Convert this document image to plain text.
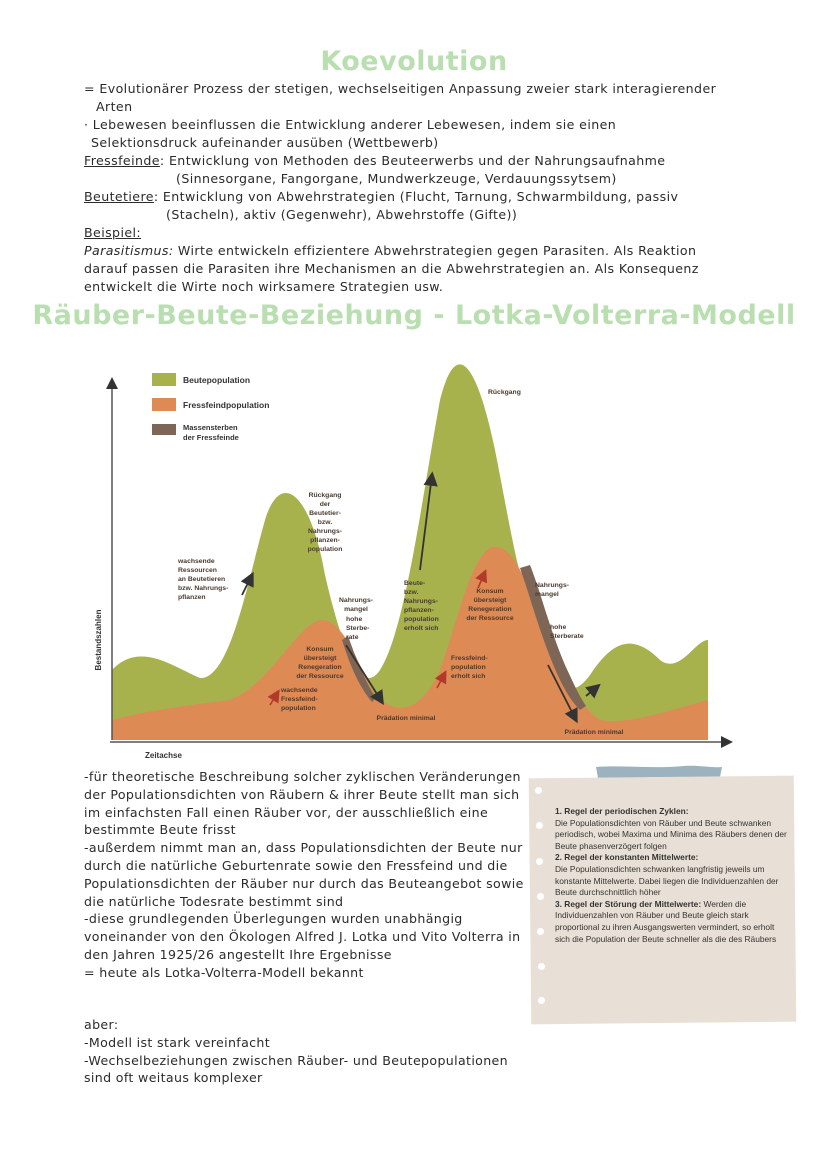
Koevolution
= Evolutionärer Prozess der stetigen, wechselseitigen Anpassung zweier stark interagierender
Arten
· Lebewesen beeinflussen die Entwicklung anderer Lebewesen, indem sie einen
Selektionsdruck aufeinander ausüben (Wettbewerb)
Fressfeinde: Entwicklung von Methoden des Beuteerwerbs und der Nahrungsaufnahme
(Sinnesorgane, Fangorgane, Mundwerkzeuge, Verdauungssytsem)
Beutetiere: Entwicklung von Abwehrstrategien (Flucht, Tarnung, Schwarmbildung, passiv
(Stacheln), aktiv (Gegenwehr), Abwehrstoffe (Gifte))
Beispiel:
Parasitismus: Wirte entwickeln effizientere Abwehrstrategien gegen Parasiten. Als Reaktion
darauf passen die Parasiten ihre Mechanismen an die Abwehrstrategien an. Als Konsequenz
entwickelt die Wirte noch wirksamere Strategien usw.
Räuber-Beute-Beziehung - Lotka-Volterra-Modell
Bestandszahlen
Zeitachse
Beutepopulation
Fressfeindpopulation
Massensterben der Fressfeinde
Rückgang der Beutetier-bzw. Nahrungs-pflanzen-population
wachsende Ressourcen an Beutetieren bzw. Nahrungs-pflanzen	Nahrungs-mangel
hohe Sterbe-rate
Konsum übersteigt Renegeration der Ressource
wachsende Fressfeind-population
Prädation minimal
Beute-bzw. Nahrungs-pflanzen-population erholt sich
Konsum übersteigt Renegeration der Ressource
Fressfeind-population erholt sich
Rückgang
Nahrungs-mangel
hohe Sterberate
Prädation minimal

-für theoretische Beschreibung solcher zyklischen Veränderungen der Populationsdichten von Räubern & ihrer Beute stellt man sich im einfachsten Fall einen Räuber vor, der ausschließlich eine bestimmte Beute frisst

-außerdem nimmt man an, dass Populationsdichten der Beute nur durch die natürliche Geburtenrate sowie den Fressfeind und die Populationsdichten der Räuber nur durch das Beuteangebot sowie die natürliche Todesrate bestimmt sind

-diese grundlegenden Überlegungen wurden unabhängig voneinander von den Ökologen Alfred J. Lotka und Vito Volterra in den Jahren 1925/26 angestellt Ihre Ergebnisse

= heute als Lotka-Volterra-Modell bekannt

aber:

-Modell ist stark vereinfacht

-Wechselbeziehungen zwischen Räuber- und Beutepopulationen sind oft weitaus komplexer

1. Regel der periodischen Zyklen:
Die Populationsdichten von Räuber und Beute schwanken periodisch, wobei Maxima und Minima des Räubers denen der Beute phasenverzögert folgen

2. Regel der konstanten Mittelwerte:
Die Populationsdichten schwanken langfristig jeweils um konstante Mittelwerte. Dabei liegen die Individuenzahlen der Beute durchschnittlich höher

3. Regel der Störung der Mittelwerte: Werden die Individuenzahlen von Räuber und Beute gleich stark proportional zu ihren Ausgangswerten vermindert, so erholt sich die Population der Beute schneller als die des Räubers
